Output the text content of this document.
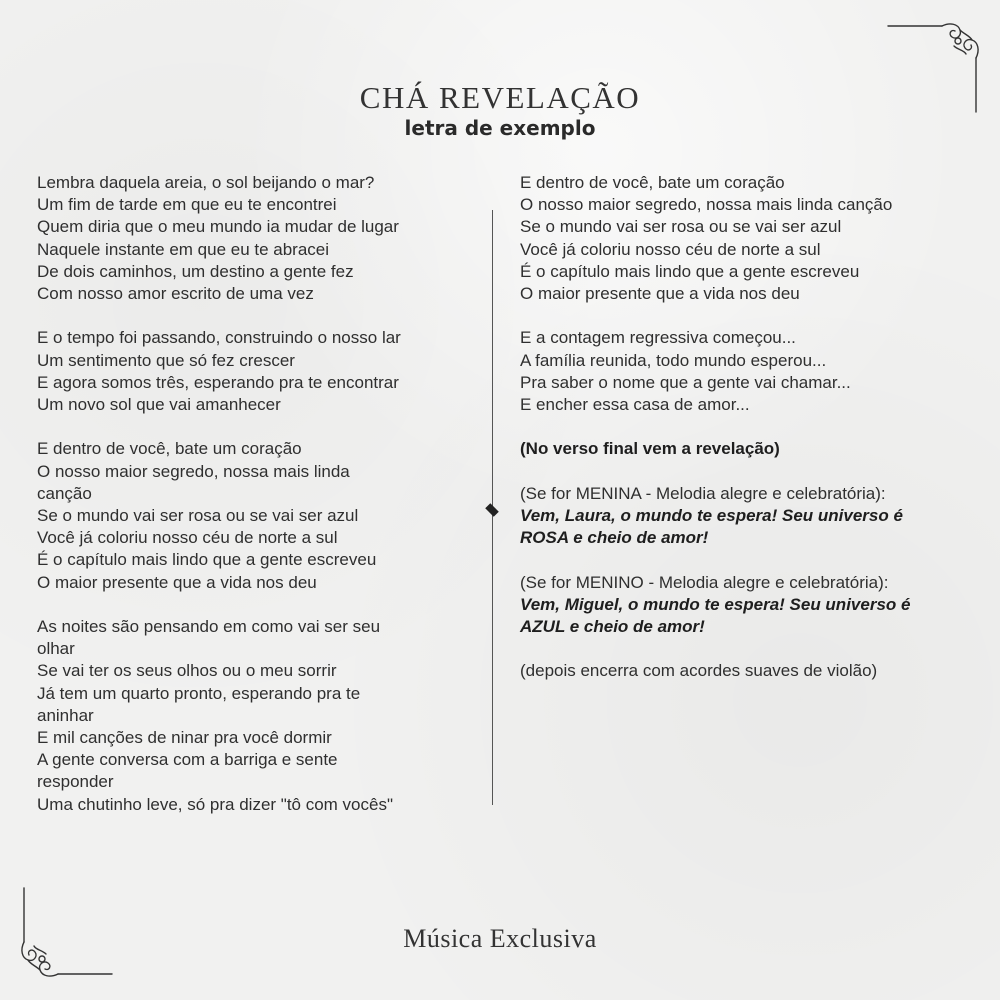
CHÁ REVELAÇÃO
letra de exemplo
Lembra daquela areia, o sol beijando o mar?
Um fim de tarde em que eu te encontrei
Quem diria que o meu mundo ia mudar de lugar
Naquele instante em que eu te abracei
De dois caminhos, um destino a gente fez
Com nosso amor escrito de uma vez
E o tempo foi passando, construindo o nosso lar
Um sentimento que só fez crescer
E agora somos três, esperando pra te encontrar
Um novo sol que vai amanhecer
E dentro de você, bate um coração
O nosso maior segredo, nossa mais linda
canção
Se o mundo vai ser rosa ou se vai ser azul
Você já coloriu nosso céu de norte a sul
É o capítulo mais lindo que a gente escreveu
O maior presente que a vida nos deu
As noites são pensando em como vai ser seu
olhar
Se vai ter os seus olhos ou o meu sorrir
Já tem um quarto pronto, esperando pra te
aninhar
E mil canções de ninar pra você dormir
A gente conversa com a barriga e sente
responder
Uma chutinho leve, só pra dizer "tô com vocês"
E dentro de você, bate um coração
O nosso maior segredo, nossa mais linda canção
Se o mundo vai ser rosa ou se vai ser azul
Você já coloriu nosso céu de norte a sul
É o capítulo mais lindo que a gente escreveu
O maior presente que a vida nos deu
E a contagem regressiva começou...
A família reunida, todo mundo esperou...
Pra saber o nome que a gente vai chamar...
E encher essa casa de amor...
(No verso final vem a revelação)
(Se for MENINA - Melodia alegre e celebratória):
Vem, Laura, o mundo te espera! Seu universo é
ROSA e cheio de amor!
(Se for MENINO - Melodia alegre e celebratória):
Vem, Miguel, o mundo te espera! Seu universo é
AZUL e cheio de amor!
(depois encerra com acordes suaves de violão)
Música Exclusiva
